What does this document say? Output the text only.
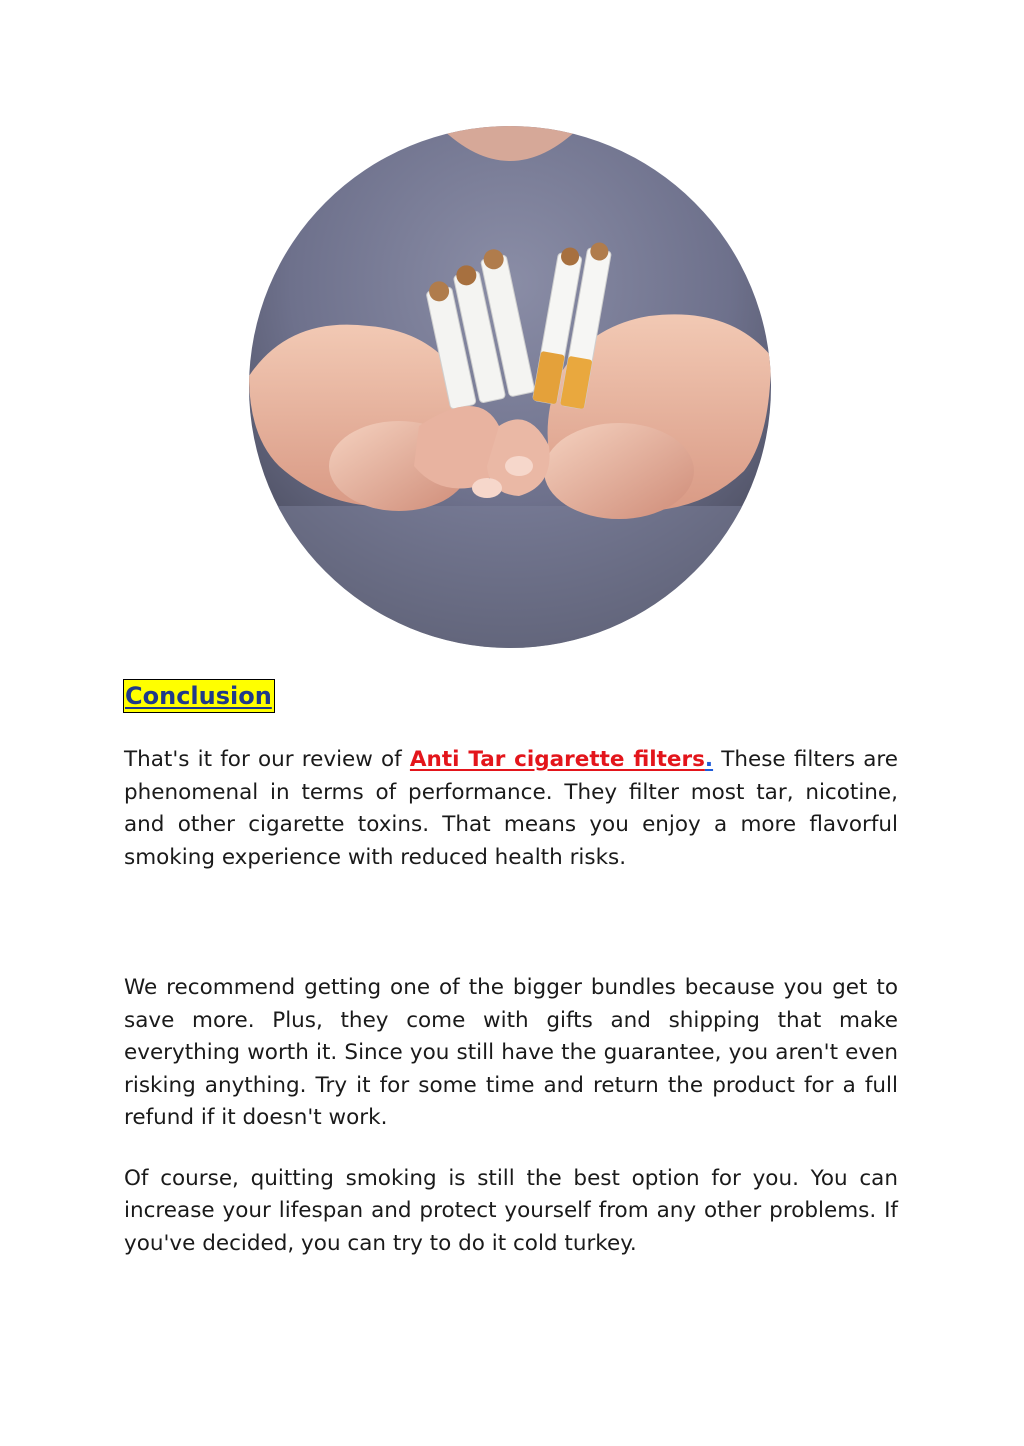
Conclusion

That's it for our review of Anti Tar cigarette filters. These filters are phenomenal in terms of performance. They filter most tar, nicotine, and other cigarette toxins. That means you enjoy a more flavorful smoking experience with reduced health risks.

We recommend getting one of the bigger bundles because you get to save more. Plus, they come with gifts and shipping that make everything worth it. Since you still have the guarantee, you aren't even risking anything. Try it for some time and return the product for a full refund if it doesn't work.

Of course, quitting smoking is still the best option for you. You can increase your lifespan and protect yourself from any other problems. If you've decided, you can try to do it cold turkey.
